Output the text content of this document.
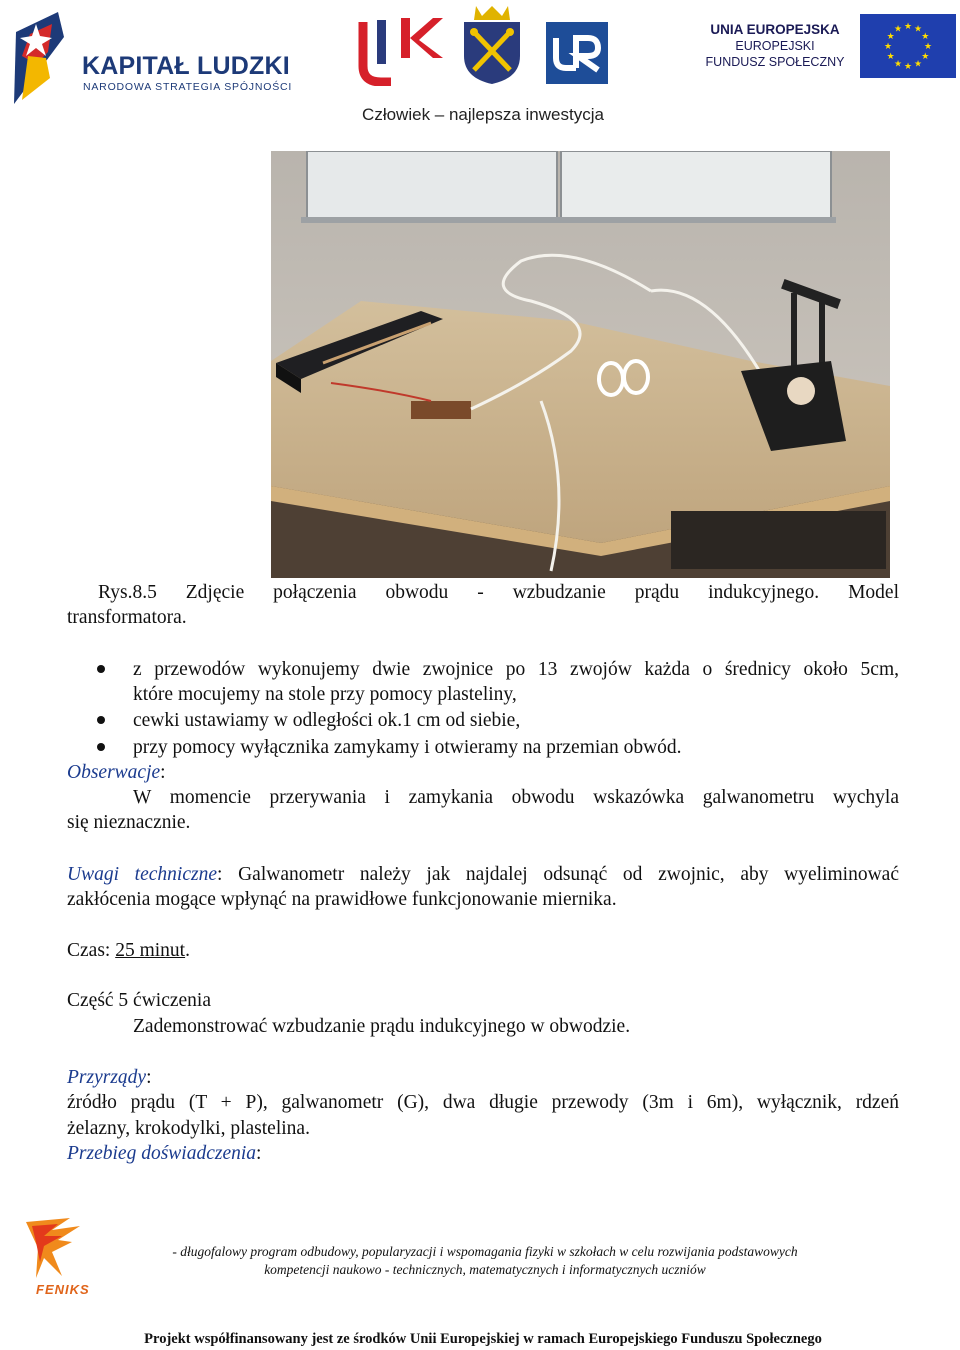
KAPITAŁ LUDZKI
NARODOWA STRATEGIA SPÓJNOŚCI
UNIA EUROPEJSKA
EUROPEJSKI
FUNDUSZ SPOŁECZNY
★
★
★
★
★
★
★
★
★ ★ ★
★
Człowiek – najlepsza inwestycja
Rys.8.5 Zdjęcie połączenia obwodu - wzbudzanie prądu indukcyjnego. Model
transformatora.
z przewodów wykonujemy dwie zwojnice po 13 zwojów każda o średnicy około 5cm,
które mocujemy na stole przy pomocy plasteliny,
cewki ustawiamy w odległości ok.1 cm od siebie,
przy pomocy wyłącznika zamykamy i otwieramy na przemian obwód.
Obserwacje:
W momencie przerywania i zamykania obwodu wskazówka galwanometru wychyla
się nieznacznie.
Uwagi techniczne: Galwanometr należy jak najdalej odsunąć od zwojnic, aby wyeliminować
zakłócenia mogące wpłynąć na prawidłowe funkcjonowanie miernika.
Czas: 25 minut.
Część 5 ćwiczenia
Zademonstrować wzbudzanie prądu indukcyjnego w obwodzie.
Przyrządy:
źródło prądu (T + P), galwanometr (G), dwa długie przewody (3m i 6m), wyłącznik, rdzeń
żelazny, krokodylki, plastelina.
Przebieg doświadczenia:
FENIKS
- długofalowy program odbudowy, popularyzacji i wspomagania fizyki w szkołach w celu rozwijania podstawowych
kompetencji naukowo - technicznych, matematycznych i informatycznych uczniów
Projekt współfinansowany jest ze środków Unii Europejskiej w ramach Europejskiego Funduszu Społecznego
